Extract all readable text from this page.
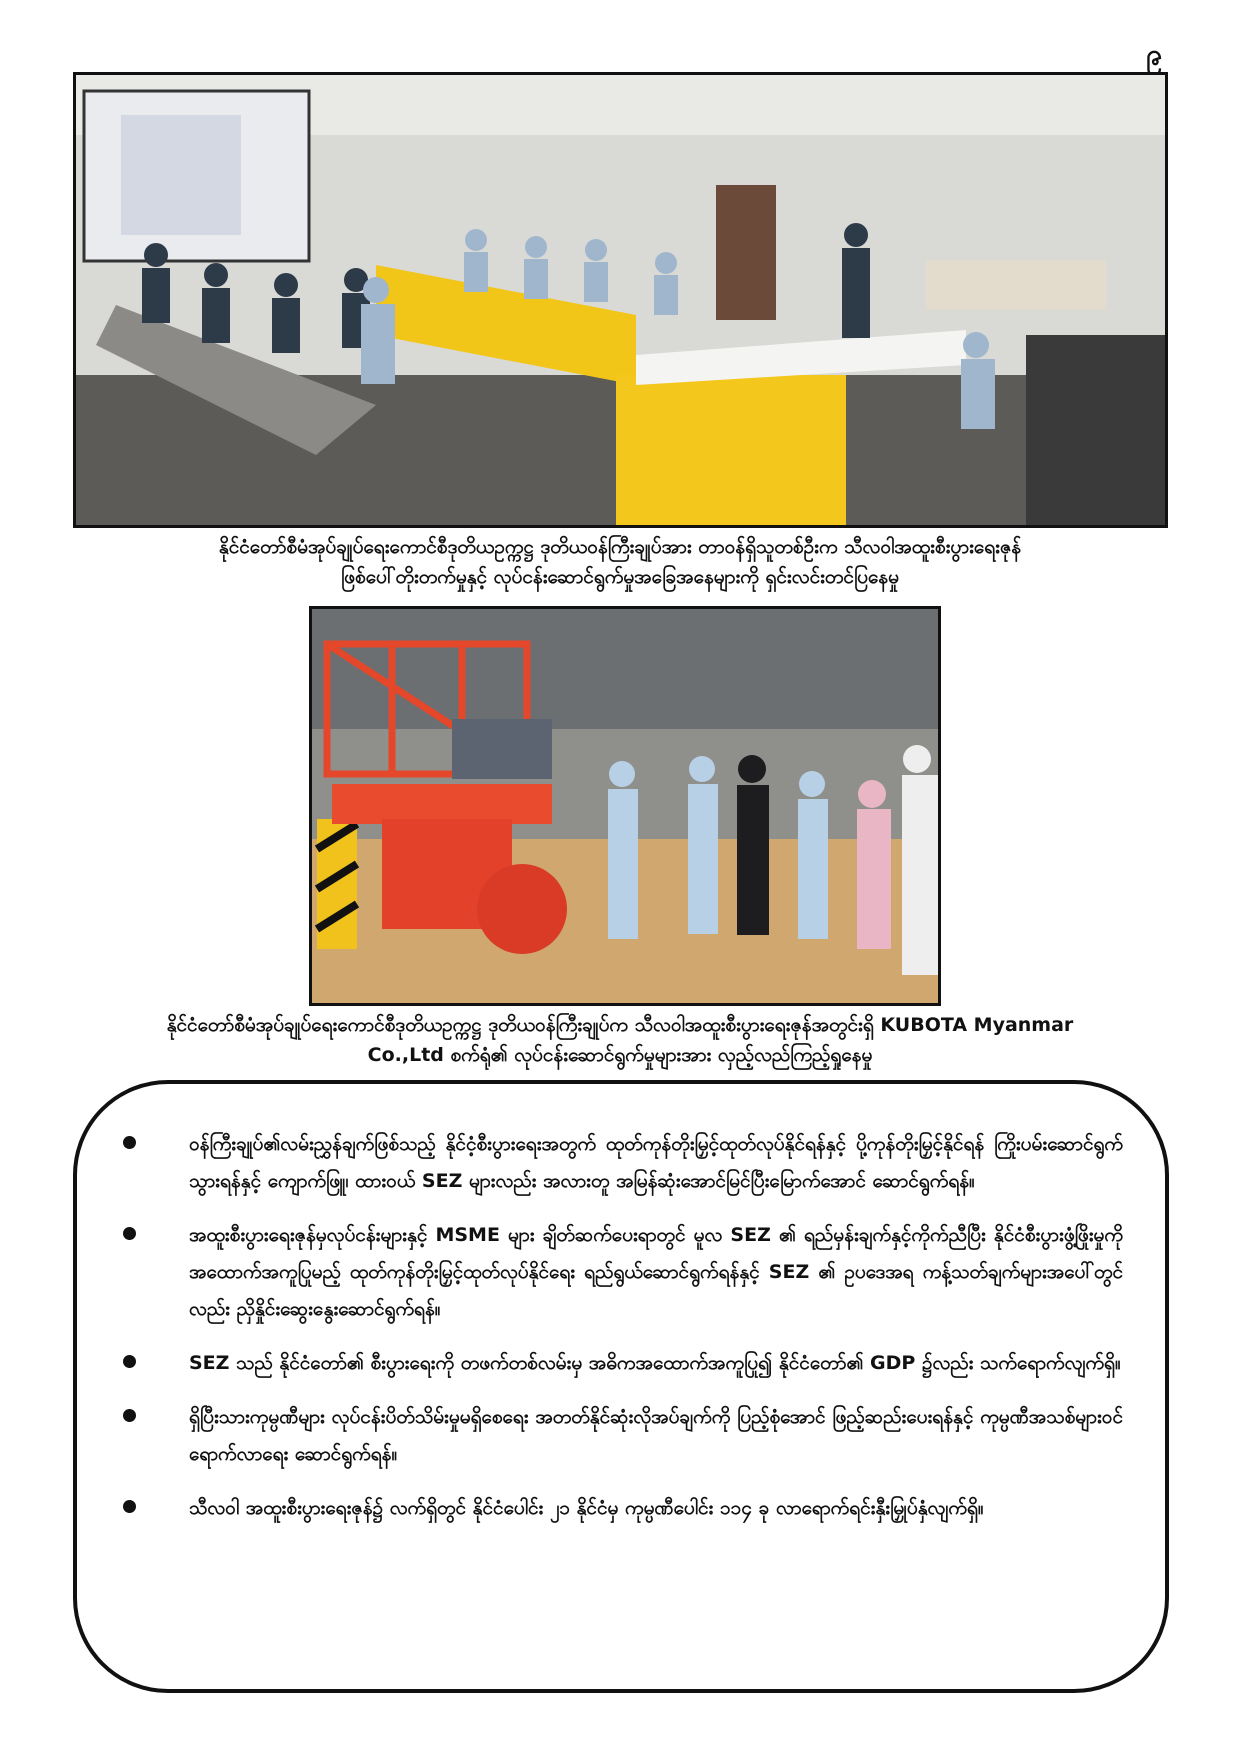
၉
နိုင်ငံတော်စီမံအုပ်ချုပ်ရေးကောင်စီဒုတိယဥက္ကဋ္ဌ ဒုတိယဝန်ကြီးချုပ်အား တာဝန်ရှိသူတစ်ဦးက သီလဝါအထူးစီးပွားရေးဇုန်
ဖြစ်ပေါ်တိုးတက်မှုနှင့် လုပ်ငန်းဆောင်ရွက်မှုအခြေအနေများကို ရှင်းလင်းတင်ပြနေမှု
နိုင်ငံတော်စီမံအုပ်ချုပ်ရေးကောင်စီဒုတိယဥက္ကဋ္ဌ ဒုတိယဝန်ကြီးချုပ်က သီလဝါအထူးစီးပွားရေးဇုန်အတွင်းရှိ KUBOTA Myanmar
Co.,Ltd စက်ရုံ၏ လုပ်ငန်းဆောင်ရွက်မှုများအား လှည့်လည်ကြည့်ရှုနေမှု
ဝန်ကြီးချုပ်၏လမ်းညွှန်ချက်ဖြစ်သည့် နိုင်ငံ့စီးပွားရေးအတွက် ထုတ်ကုန်တိုးမြှင့်ထုတ်လုပ်နိုင်ရန်နှင့် ပို့ကုန်တိုးမြှင့်နိုင်ရန် ကြိုးပမ်းဆောင်ရွက်သွားရန်နှင့် ကျောက်ဖြူ၊ ထားဝယ် SEZ များလည်း အလားတူ အမြန်ဆုံးအောင်မြင်ပြီးမြောက်အောင် ဆောင်ရွက်ရန်။
အထူးစီးပွားရေးဇုန်မှလုပ်ငန်းများနှင့် MSME များ ချိတ်ဆက်ပေးရာတွင် မူလ SEZ ၏ ရည်မှန်းချက်နှင့်ကိုက်ညီပြီး နိုင်ငံစီးပွားဖွံ့ဖြိုးမှုကို အထောက်အကူပြုမည့် ထုတ်ကုန်တိုးမြှင့်ထုတ်လုပ်နိုင်ရေး ရည်ရွယ်ဆောင်ရွက်ရန်နှင့် SEZ ၏ ဥပဒေအရ ကန့်သတ်ချက်များအပေါ်တွင်လည်း ညှိနှိုင်းဆွေးနွေးဆောင်ရွက်ရန်။
SEZ သည် နိုင်ငံတော်၏ စီးပွားရေးကို တဖက်တစ်လမ်းမှ အဓိကအထောက်အကူပြု၍ နိုင်ငံတော်၏ GDP ၌လည်း သက်ရောက်လျက်ရှိ။
ရှိပြီးသားကုမ္ပဏီများ လုပ်ငန်းပိတ်သိမ်းမှုမရှိစေရေး အတတ်နိုင်ဆုံးလိုအပ်ချက်ကို ပြည့်စုံအောင် ဖြည့်ဆည်းပေးရန်နှင့် ကုမ္ပဏီအသစ်များဝင်ရောက်လာရေး ဆောင်ရွက်ရန်။
သီလဝါ အထူးစီးပွားရေးဇုန်၌ လက်ရှိတွင် နိုင်ငံပေါင်း ၂၁ နိုင်ငံမှ ကုမ္ပဏီပေါင်း ၁၁၄ ခု လာရောက်ရင်းနှီးမြှုပ်နှံလျက်ရှိ။
